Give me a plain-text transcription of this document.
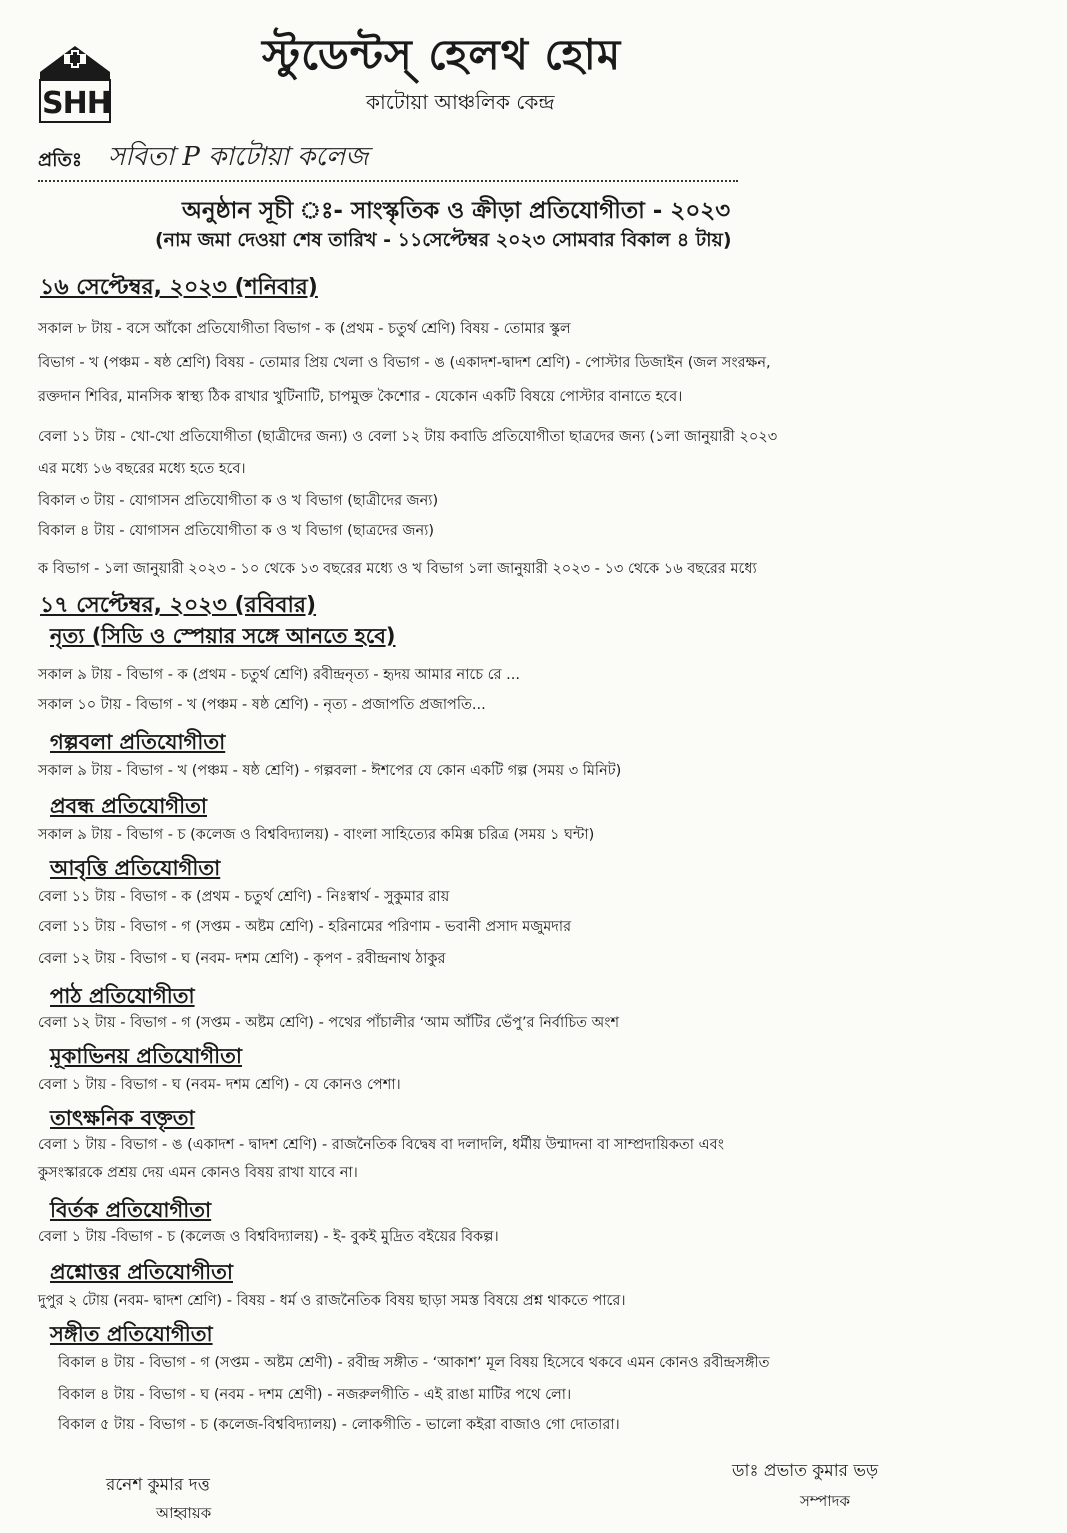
SHH
স্টুডেন্টস্ হেলথ হোম
কাটোয়া আঞ্চলিক কেন্দ্র
প্রতিঃ সবিতা P কাটোয়া কলেজ
অনুষ্ঠান সূচী ঃ- সাংস্কৃতিক ও ক্রীড়া প্রতিযোগীতা - ২০২৩
(নাম জমা দেওয়া শেষ তারিখ - ১১সেপ্টেম্বর ২০২৩ সোমবার বিকাল ৪ টায়)
১৬ সেপ্টেম্বর, ২০২৩ (শনিবার)
সকাল ৮ টায় - বসে আঁকো প্রতিযোগীতা বিভাগ - ক (প্রথম - চতুর্থ শ্রেণি) বিষয় - তোমার স্কুল
বিভাগ - খ (পঞ্চম - ষষ্ঠ শ্রেণি) বিষয় - তোমার প্রিয় খেলা ও বিভাগ - ঙ (একাদশ-দ্বাদশ শ্রেণি) - পোস্টার ডিজাইন (জল সংরক্ষন,
রক্তদান শিবির, মানসিক স্বাস্থ্য ঠিক রাখার খুটিনাটি, চাপমুক্ত কৈশোর - যেকোন একটি বিষয়ে পোস্টার বানাতে হবে।
বেলা ১১ টায় - খো-খো প্রতিযোগীতা (ছাত্রীদের জন্য) ও বেলা ১২ টায় কবাডি প্রতিযোগীতা ছাত্রদের জন্য (১লা জানুয়ারী ২০২৩
এর মধ্যে ১৬ বছরের মধ্যে হতে হবে।
বিকাল ৩ টায় - যোগাসন প্রতিযোগীতা ক ও খ বিভাগ (ছাত্রীদের জন্য)
বিকাল ৪ টায় - যোগাসন প্রতিযোগীতা ক ও খ বিভাগ (ছাত্রদের জন্য)
ক বিভাগ - ১লা জানুয়ারী ২০২৩ - ১০ থেকে ১৩ বছরের মধ্যে ও খ বিভাগ ১লা জানুয়ারী ২০২৩ - ১৩ থেকে ১৬ বছরের মধ্যে
১৭ সেপ্টেম্বর, ২০২৩ (রবিবার)
নৃত্য (সিডি ও স্পেয়ার সঙ্গে আনতে হবে)
সকাল ৯ টায় - বিভাগ - ক (প্রথম - চতুর্থ শ্রেণি) রবীন্দ্রনৃত্য - হৃদয় আমার নাচে রে ...
সকাল ১০ টায় - বিভাগ - খ (পঞ্চম - ষষ্ঠ শ্রেণি) - নৃত্য - প্রজাপতি প্রজাপতি...
গল্পবলা প্রতিযোগীতা
সকাল ৯ টায় - বিভাগ - খ (পঞ্চম - ষষ্ঠ শ্রেণি) - গল্পবলা - ঈশপের যে কোন একটি গল্প (সময় ৩ মিনিট)
প্রবন্ধ প্রতিযোগীতা
সকাল ৯ টায় - বিভাগ - চ (কলেজ ও বিশ্ববিদ্যালয়) - বাংলা সাহিত্যের কমিক্স চরিত্র (সময় ১ ঘন্টা)
আবৃত্তি প্রতিযোগীতা
বেলা ১১ টায় - বিভাগ - ক (প্রথম - চতুর্থ শ্রেণি) - নিঃস্বার্থ - সুকুমার রায়
বেলা ১১ টায় - বিভাগ - গ (সপ্তম - অষ্টম শ্রেণি) - হরিনামের পরিণাম - ভবানী প্রসাদ মজুমদার
বেলা ১২ টায় - বিভাগ - ঘ (নবম- দশম শ্রেণি) - কৃপণ - রবীন্দ্রনাথ ঠাকুর
পাঠ প্রতিযোগীতা
বেলা ১২ টায় - বিভাগ - গ (সপ্তম - অষ্টম শ্রেণি) - পথের পাঁচালীর ‘আম আঁটির ভেঁপু’র নির্বাচিত অংশ
মূকাভিনয় প্রতিযোগীতা
বেলা ১ টায় - বিভাগ - ঘ (নবম- দশম শ্রেণি) - যে কোনও পেশা।
তাৎক্ষনিক বক্তৃতা
বেলা ১ টায় - বিভাগ - ঙ (একাদশ - দ্বাদশ শ্রেণি) - রাজনৈতিক বিদ্বেষ বা দলাদলি, ধর্মীয় উন্মাদনা বা সাম্প্রদায়িকতা এবং
কুসংস্কারকে প্রশ্রয় দেয় এমন কোনও বিষয় রাখা যাবে না।
বির্তক প্রতিযোগীতা
বেলা ১ টায় -বিভাগ - চ (কলেজ ও বিশ্ববিদ্যালয়) - ই- বুকই মুদ্রিত বইয়ের বিকল্প।
প্রশ্নোত্তর প্রতিযোগীতা
দুপুর ২ টোয় (নবম- দ্বাদশ শ্রেণি) - বিষয় - ধর্ম ও রাজনৈতিক বিষয় ছাড়া সমস্ত বিষয়ে প্রশ্ন থাকতে পারে।
সঙ্গীত প্রতিযোগীতা
বিকাল ৪ টায় - বিভাগ - গ (সপ্তম - অষ্টম শ্রেণী) - রবীন্দ্র সঙ্গীত - ‘আকাশ’ মূল বিষয় হিসেবে থকবে এমন কোনও রবীন্দ্রসঙ্গীত
বিকাল ৪ টায় - বিভাগ - ঘ (নবম - দশম শ্রেণী) - নজরুলগীতি - এই রাঙা মাটির পথে লো।
বিকাল ৫ টায় - বিভাগ - চ (কলেজ-বিশ্ববিদ্যালয়) - লোকগীতি - ভালো কইরা বাজাও গো দোতারা।
রনেশ কুমার দত্ত
আহ্বায়ক
ডাঃ প্রভাত কুমার ভড়
সম্পাদক
